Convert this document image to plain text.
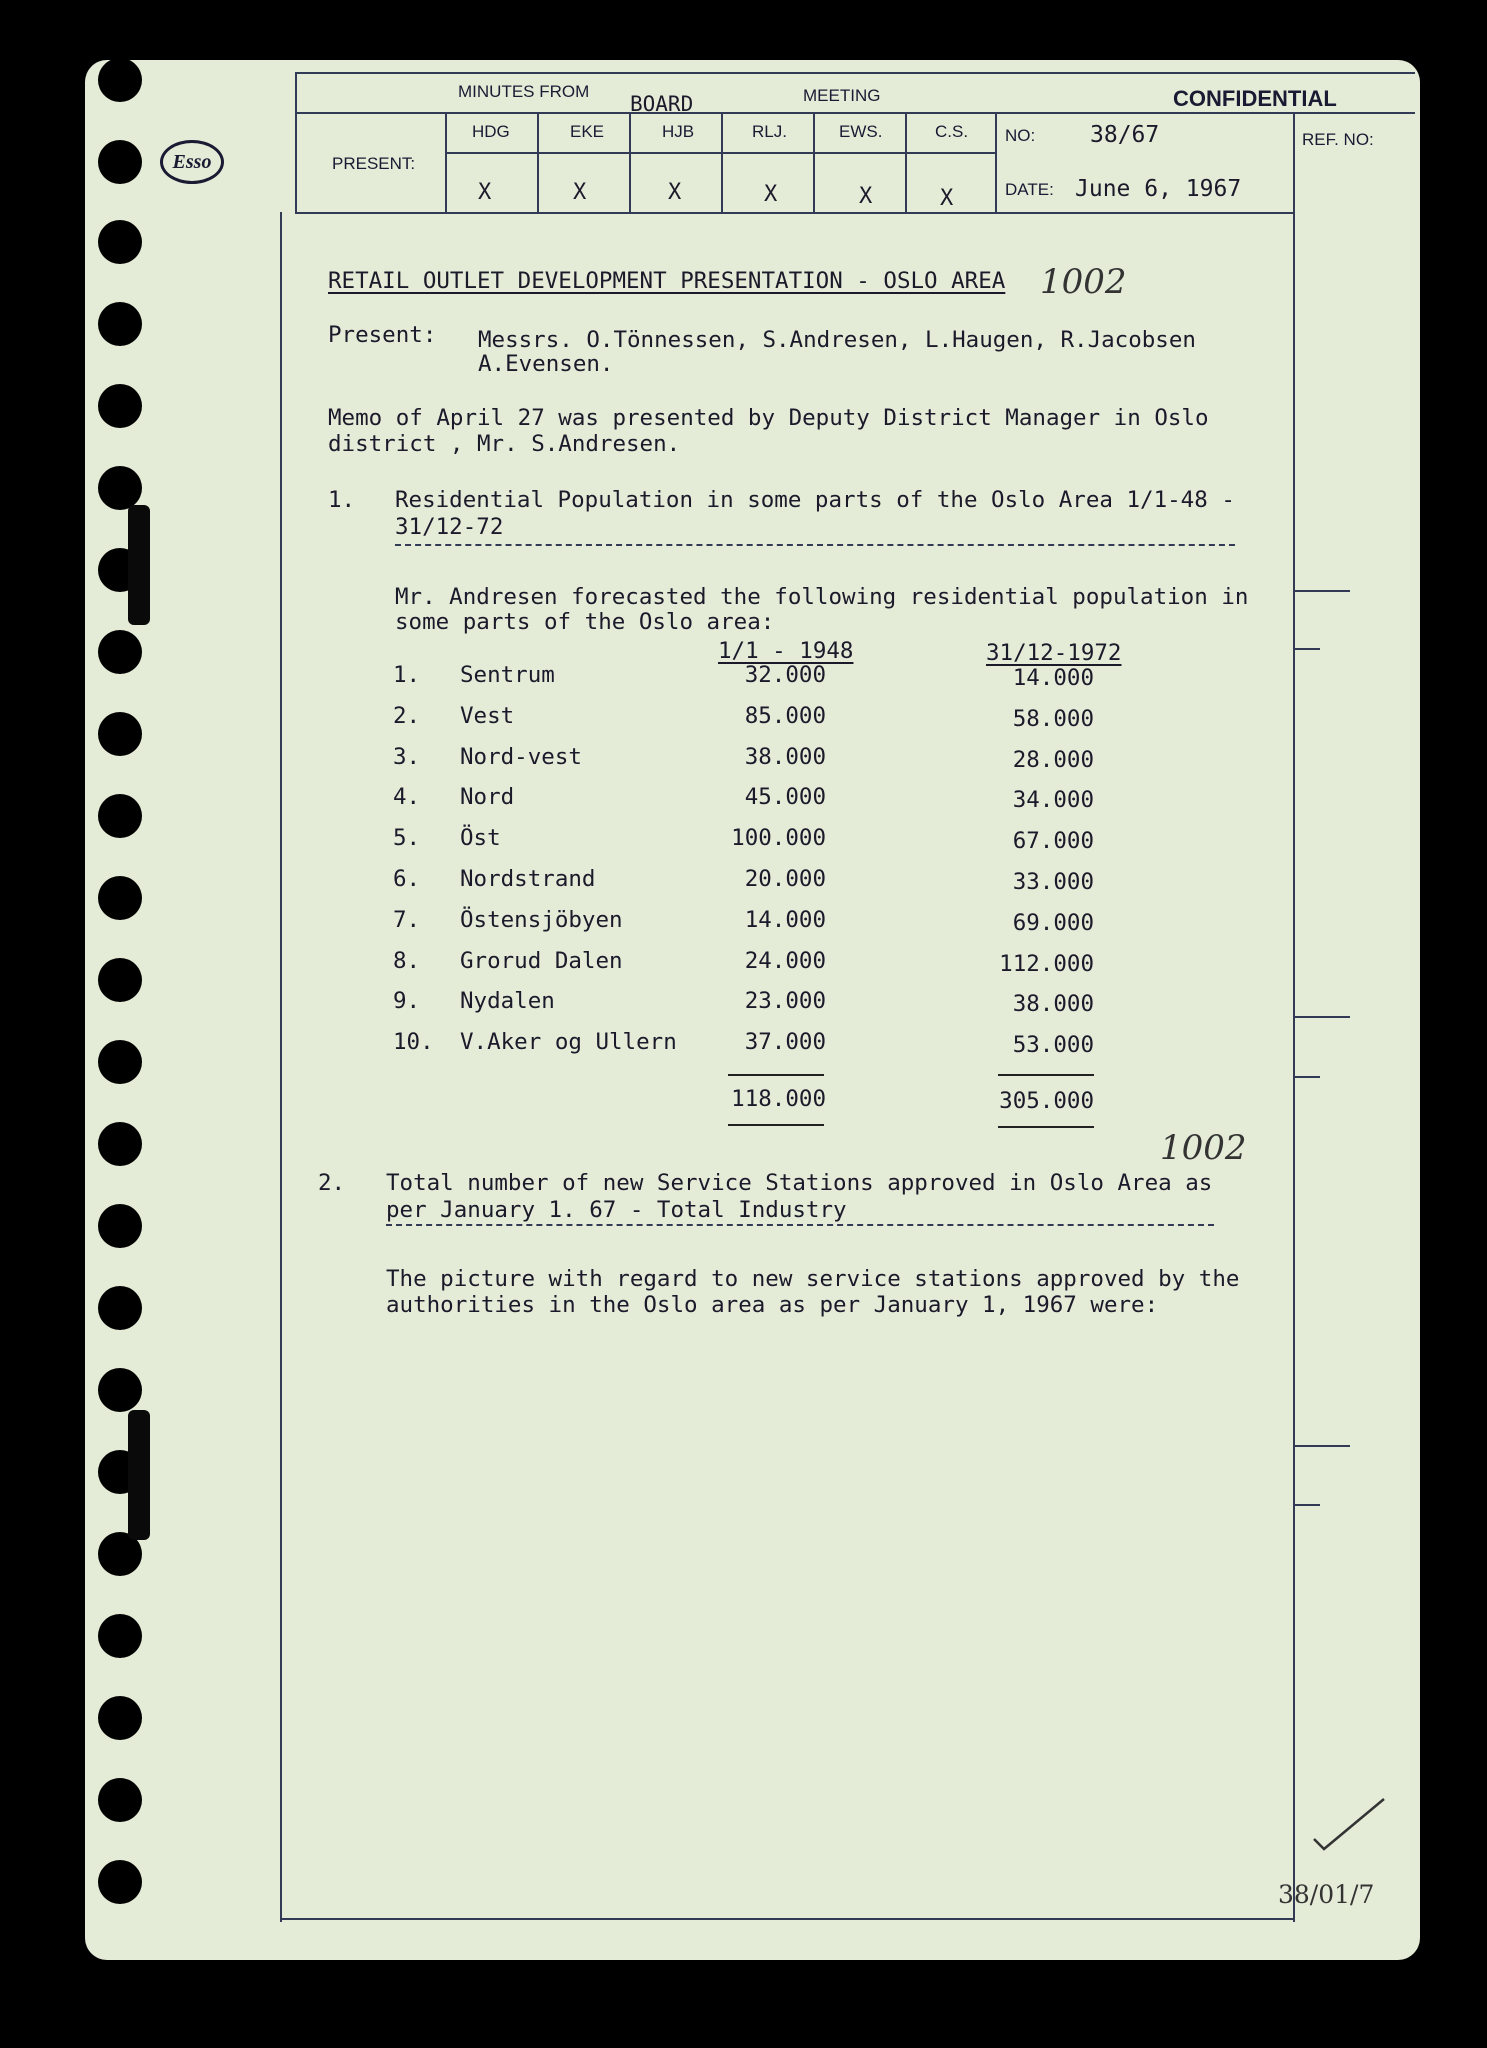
Esso
MINUTES FROM
BOARD	MEETING	CONFIDENTIAL
PRESENT:
HDG	EKE	HJB	RLJ.	EWS.	C.S.
X	X	X	X	X	X
NO: 38/67	REF. NO:
DATE: June 6, 1967
RETAIL OUTLET DEVELOPMENT PRESENTATION - OSLO AREA 1002
Present: Messrs. O.Tönnessen, S.Andresen, L.Haugen, R.Jacobsen
A.Evensen.
Memo of April 27 was presented by Deputy District Manager in Oslo
district , Mr. S.Andresen.
1. Residential Population in some parts of the Oslo Area 1/1-48 -
31/12-72
Mr. Andresen forecasted the following residential population in
some parts of the Oslo area:
1/1 - 1948	31/12-1972
1. Sentrum	32.000	14.000
2. Vest	85.000	58.000
3. Nord-vest	38.000	28.000
4. Nord	45.000	34.000
5. Öst	100.000	67.000
6. Nordstrand	20.000	33.000
7. Östensjöbyen	14.000	69.000
8. Grorud Dalen	24.000	112.000
9. Nydalen	23.000	38.000
10. V.Aker og Ullern	37.000	53.000
118.000	305.000
1002
2. Total number of new Service Stations approved in Oslo Area as
per January 1. 67 - Total Industry
The picture with regard to new service stations approved by the
authorities in the Oslo area as per January 1, 1967 were:
38/01/7
